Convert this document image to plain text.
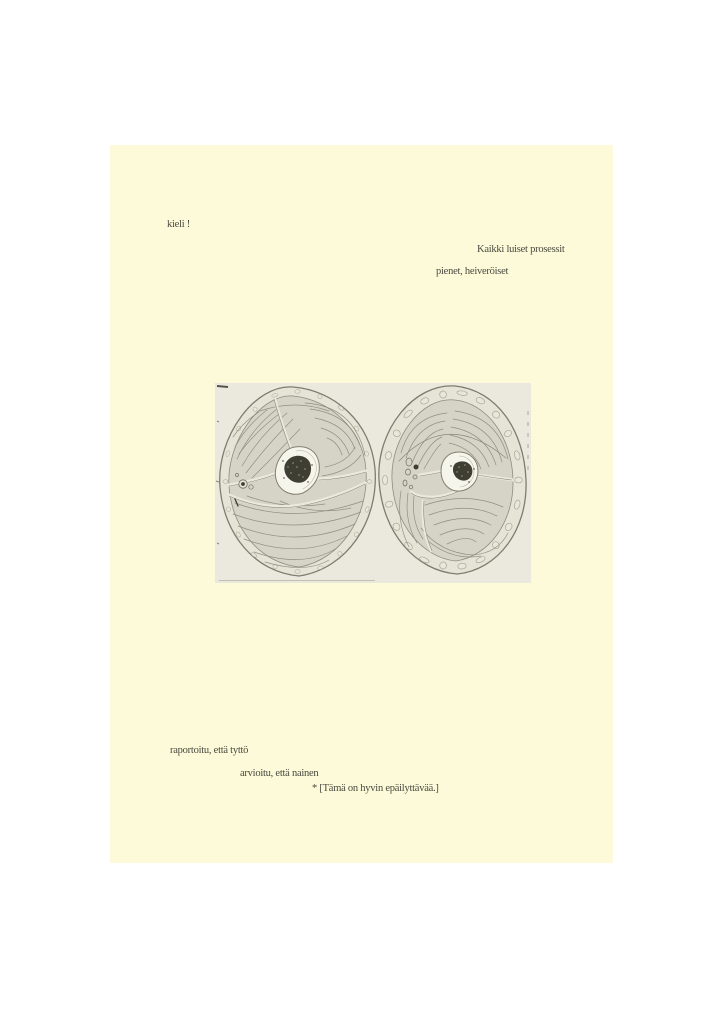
kieli !
Kaikki luiset prosessit
pienet, heiveröiset
raportoitu, että tyttö
arvioitu, että nainen
* [Tämä on hyvin epäilyttävää.]
